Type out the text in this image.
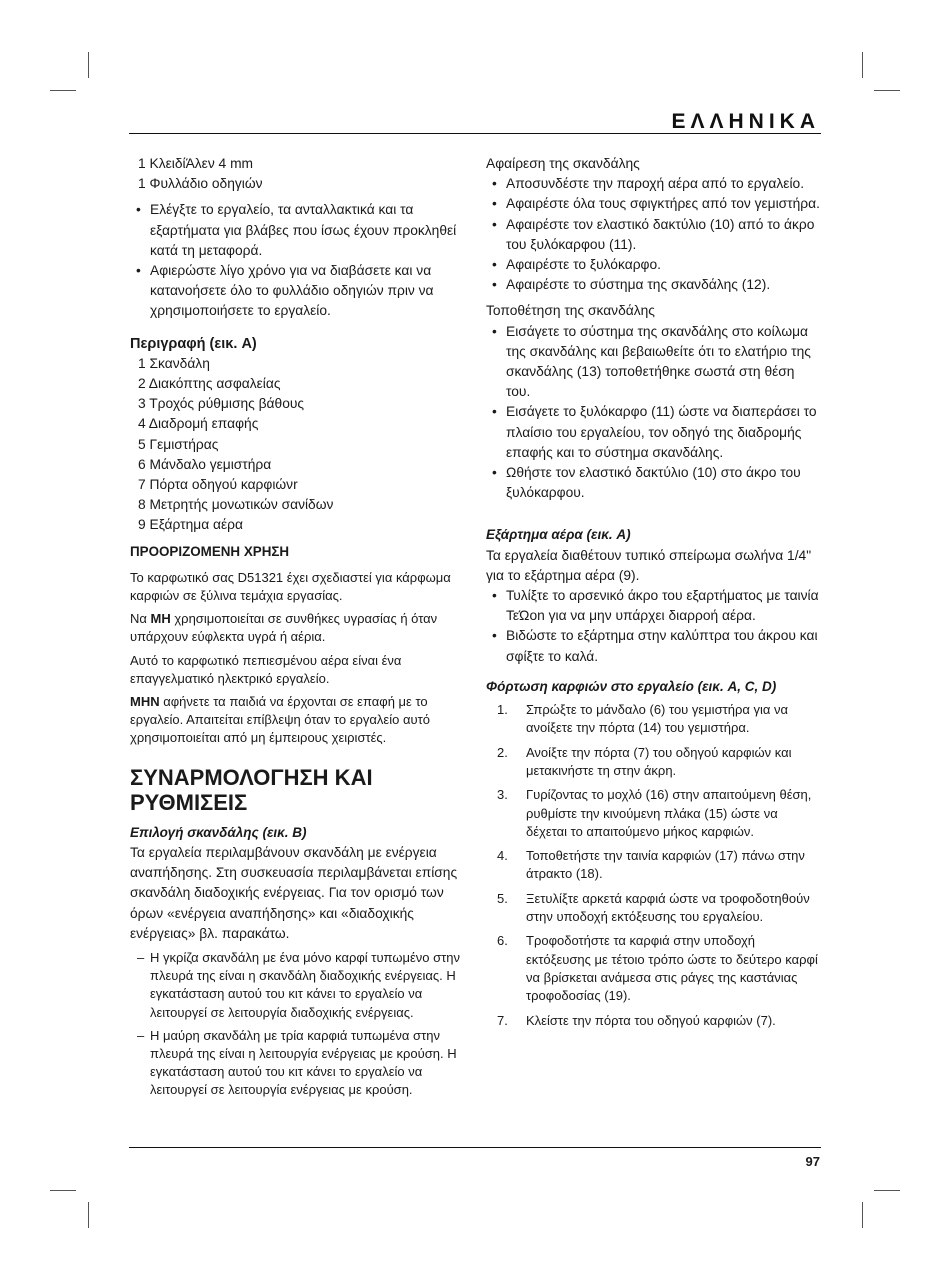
ΕΛΛΗΝΙΚΑ
97
1 ΚλειδίΆλεν 4 mm
1 Φυλλάδιο οδηγιών
• Ελέγξτε το εργαλείο, τα ανταλλακτικά και τα εξαρτήματα για βλάβες που ίσως έχουν προκληθεί κατά τη μεταφορά.
• Αφιερώστε λίγο χρόνο για να διαβάσετε και να κατανοήσετε όλο το φυλλάδιο οδηγιών πριν να χρησιμοποιήσετε το εργαλείο.
Περιγραφή (εικ. A)
1 Σκανδάλη
2 Διακόπτης ασφαλείας
3 Τροχός ρύθμισης βάθους
4 Διαδρομή επαφής
5 Γεμιστήρας
6 Μάνδαλο γεμιστήρα
7 Πόρτα οδηγού καρφιώνr
8 Μετρητής μονωτικών σανίδων
9 Εξάρτημα αέρα
ΠΡΟΟΡΙΖΟΜΕΝΗ ΧΡΗΣΗ

Το καρφωτικό σας D51321 έχει σχεδιαστεί για κάρφωμα καρφιών σε ξύλινα τεμάχια εργασίας.

Να ΜΗ χρησιμοποιείται σε συνθήκες υγρασίας ή όταν υπάρχουν εύφλεκτα υγρά ή αέρια.

Αυτό το καρφωτικό πεπιεσμένου αέρα είναι ένα επαγγελματικό ηλεκτρικό εργαλείο.

ΜΗΝ αφήνετε τα παιδιά να έρχονται σε επαφή με το εργαλείο. Απαιτείται επίβλεψη όταν το εργαλείο αυτό χρησιμοποιείται από μη έμπειρους χειριστές.

ΣΥΝΑΡΜΟΛΟΓΗΣΗ ΚΑΙ ΡΥΘΜΙΣΕΙΣ
Επιλογή σκανδάλης (εικ. B)

Τα εργαλεία περιλαμβάνουν σκανδάλη με ενέργεια αναπήδησης. Στη συσκευασία περιλαμβάνεται επίσης σκανδάλη διαδοχικής ενέργειας. Για τον ορισμό των όρων «ενέργεια αναπήδησης» και «διαδοχικής ενέργειας» βλ. παρακάτω.

– Η γκρίζα σκανδάλη με ένα μόνο καρφί τυπωμένο στην πλευρά της είναι η σκανδάλη διαδοχικής ενέργειας. Η εγκατάσταση αυτού του κιτ κάνει το εργαλείο να λειτουργεί σε λειτουργία διαδοχικής ενέργειας.
– Η μαύρη σκανδάλη με τρία καρφιά τυπωμένα στην πλευρά της είναι η λειτουργία ενέργειας με κρούση. Η εγκατάσταση αυτού του κιτ κάνει το εργαλείο να λειτουργεί σε λειτουργία ενέργειας με κρούση.
Αφαίρεση της σκανδάλης
• Αποσυνδέστε την παροχή αέρα από το εργαλείο.
• Αφαιρέστε όλα τους σφιγκτήρες από τον γεμιστήρα.
• Αφαιρέστε τον ελαστικό δακτύλιο (10) από το άκρο του ξυλόκαρφου (11).
• Αφαιρέστε το ξυλόκαρφο.
• Αφαιρέστε το σύστημα της σκανδάλης (12).
Τοποθέτηση της σκανδάλης
• Εισάγετε το σύστημα της σκανδάλης στο κοίλωμα της σκανδάλης και βεβαιωθείτε ότι το ελατήριο της σκανδάλης (13) τοποθετήθηκε σωστά στη θέση του.
• Εισάγετε το ξυλόκαρφο (11) ώστε να διαπεράσει το πλαίσιο του εργαλείου, τον οδηγό της διαδρομής επαφής και το σύστημα σκανδάλης.
• Ωθήστε τον ελαστικό δακτύλιο (10) στο άκρο του ξυλόκαρφου.
Εξάρτημα αέρα (εικ. A)
Τα εργαλεία διαθέτουν τυπικό σπείρωμα σωλήνα 1/4" για το εξάρτημα αέρα (9).
• Τυλίξτε το αρσενικό άκρο του εξαρτήματος με ταινία ΤεΏon για να μην υπάρχει διαρροή αέρα.
• Βιδώστε το εξάρτημα στην καλύπτρα του άκρου και σφίξτε το καλά.
Φόρτωση καρφιών στο εργαλείο (εικ. A, C, D)
1. Σπρώξτε το μάνδαλο (6) του γεμιστήρα για να ανοίξετε την πόρτα (14) του γεμιστήρα.
2. Ανοίξτε την πόρτα (7) του οδηγού καρφιών και μετακινήστε τη στην άκρη.
3. Γυρίζοντας το μοχλό (16) στην απαιτούμενη θέση, ρυθμίστε την κινούμενη πλάκα (15) ώστε να δέχεται το απαιτούμενο μήκος καρφιών.
4. Τοποθετήστε την ταινία καρφιών (17) πάνω στην άτρακτο (18).
5. Ξετυλίξτε αρκετά καρφιά ώστε να τροφοδοτηθούν στην υποδοχή εκτόξευσης του εργαλείου.
6. Τροφοδοτήστε τα καρφιά στην υποδοχή εκτόξευσης με τέτοιο τρόπο ώστε το δεύτερο καρφί να βρίσκεται ανάμεσα στις ράγες της καστάνιας τροφοδοσίας (19).
7. Κλείστε την πόρτα του οδηγού καρφιών (7).
